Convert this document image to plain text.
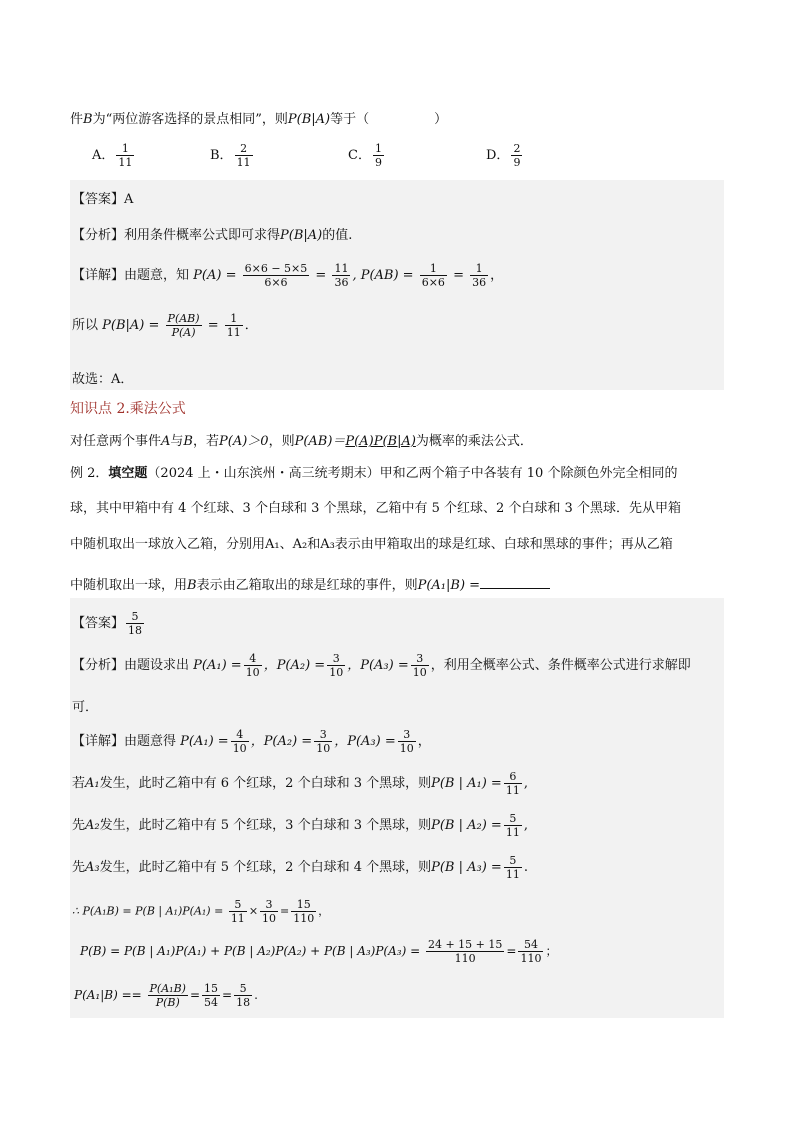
件B为“两位游客选择的景点相同”，则P(B|A)等于（　　　　　）
A． $\frac{1}{11}$	B． $\frac{2}{11}$	C． $\frac{1}{9}$	D． $\frac{2}{9}$
【答案】A
【分析】利用条件概率公式即可求得P(B|A)的值.
【详解】由题意，知 $P(A) = \frac{6\times 6 - 5\times 5}{6\times 6} = \frac{11}{36}$ , $P(AB) = \frac{1}{6\times 6} = \frac{1}{36}$ ，
所以 $P(B|A) = \frac{P(AB)}{P(A)} = \frac{1}{11}$ ．
故选：A．
知识点 2.乘法公式
对任意两个事件A与B，若P(A)＞0，则P(AB)＝P(A)P(B|A)为概率的乘法公式．
例 2．填空题（2024 上・山东滨州・高三统考期末）甲和乙两个箱子中各装有 10 个除颜色外完全相同的
球，其中甲箱中有 4 个红球、3 个白球和 3 个黑球，乙箱中有 5 个红球、2 个白球和 3 个黑球．先从甲箱
中随机取出一球放入乙箱，分别用A₁、A₂和A₃表示由甲箱取出的球是红球、白球和黑球的事件；再从乙箱
中随机取出一球，用B表示由乙箱取出的球是红球的事件，则P(A₁|B) =
【答案】 $\frac{5}{18}$
【分析】由题设求出 $P(A_1) = \frac{4}{10}$ ，$P(A_2) = \frac{3}{10}$ ，$P(A_3) = \frac{3}{10}$ ，利用全概率公式、条件概率公式进行求解即
可．
【详解】由题意得 $P(A_1) = \frac{4}{10}$ ，$P(A_2) = \frac{3}{10}$ ，$P(A_3) = \frac{3}{10}$ ，
若A₁发生，此时乙箱中有 6 个红球，2 个白球和 3 个黑球，则P(B | $A_1) = \frac{6}{11}$ ,
先A₂发生，此时乙箱中有 5 个红球，3 个白球和 3 个黑球，则P(B | $A_2) = \frac{5}{11}$ ,
先A₃发生，此时乙箱中有 5 个红球，2 个白球和 4 个黑球，则P(B | $A_3) = \frac{5}{11}$ .
∴ P(A₁B) = P(B | $A_1)P(A_1) = \frac{5}{11} \times \frac{3}{10} = \frac{15}{110}$ ，
P(B) = P(B | A₁)P(A₁) + P(B | A₂)P(A₂) + P(B | $A_3)P(A_3) = \frac{24 + 15 + 15}{110} = \frac{54}{110}$ ；
$P(A_1|B) == \frac{\text{P(A₁B)}}{P(B)} = \frac{15}{54} = \frac{5}{18}$ .
